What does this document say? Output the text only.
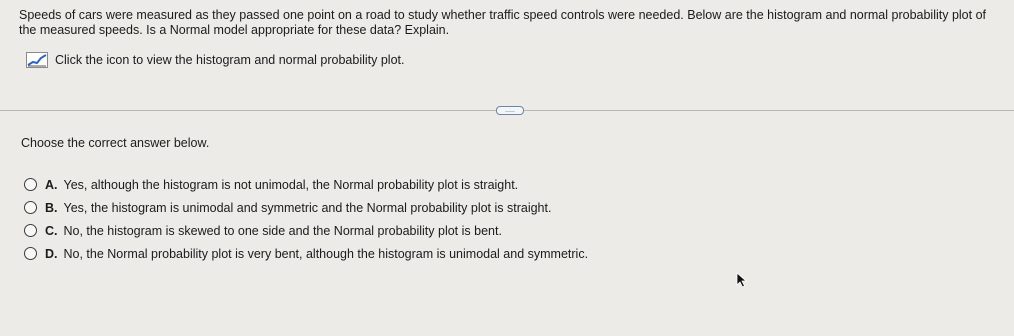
Speeds of cars were measured as they passed one point on a road to study whether traffic speed controls were needed. Below are the histogram and normal probability plot of the measured speeds. Is a Normal model appropriate for these data? Explain.
Click the icon to view the histogram and normal probability plot.
.....
Choose the correct answer below.
A. Yes, although the histogram is not unimodal, the Normal probability plot is straight.
B. Yes, the histogram is unimodal and symmetric and the Normal probability plot is straight.
C. No, the histogram is skewed to one side and the Normal probability plot is bent.
D. No, the Normal probability plot is very bent, although the histogram is unimodal and symmetric.
